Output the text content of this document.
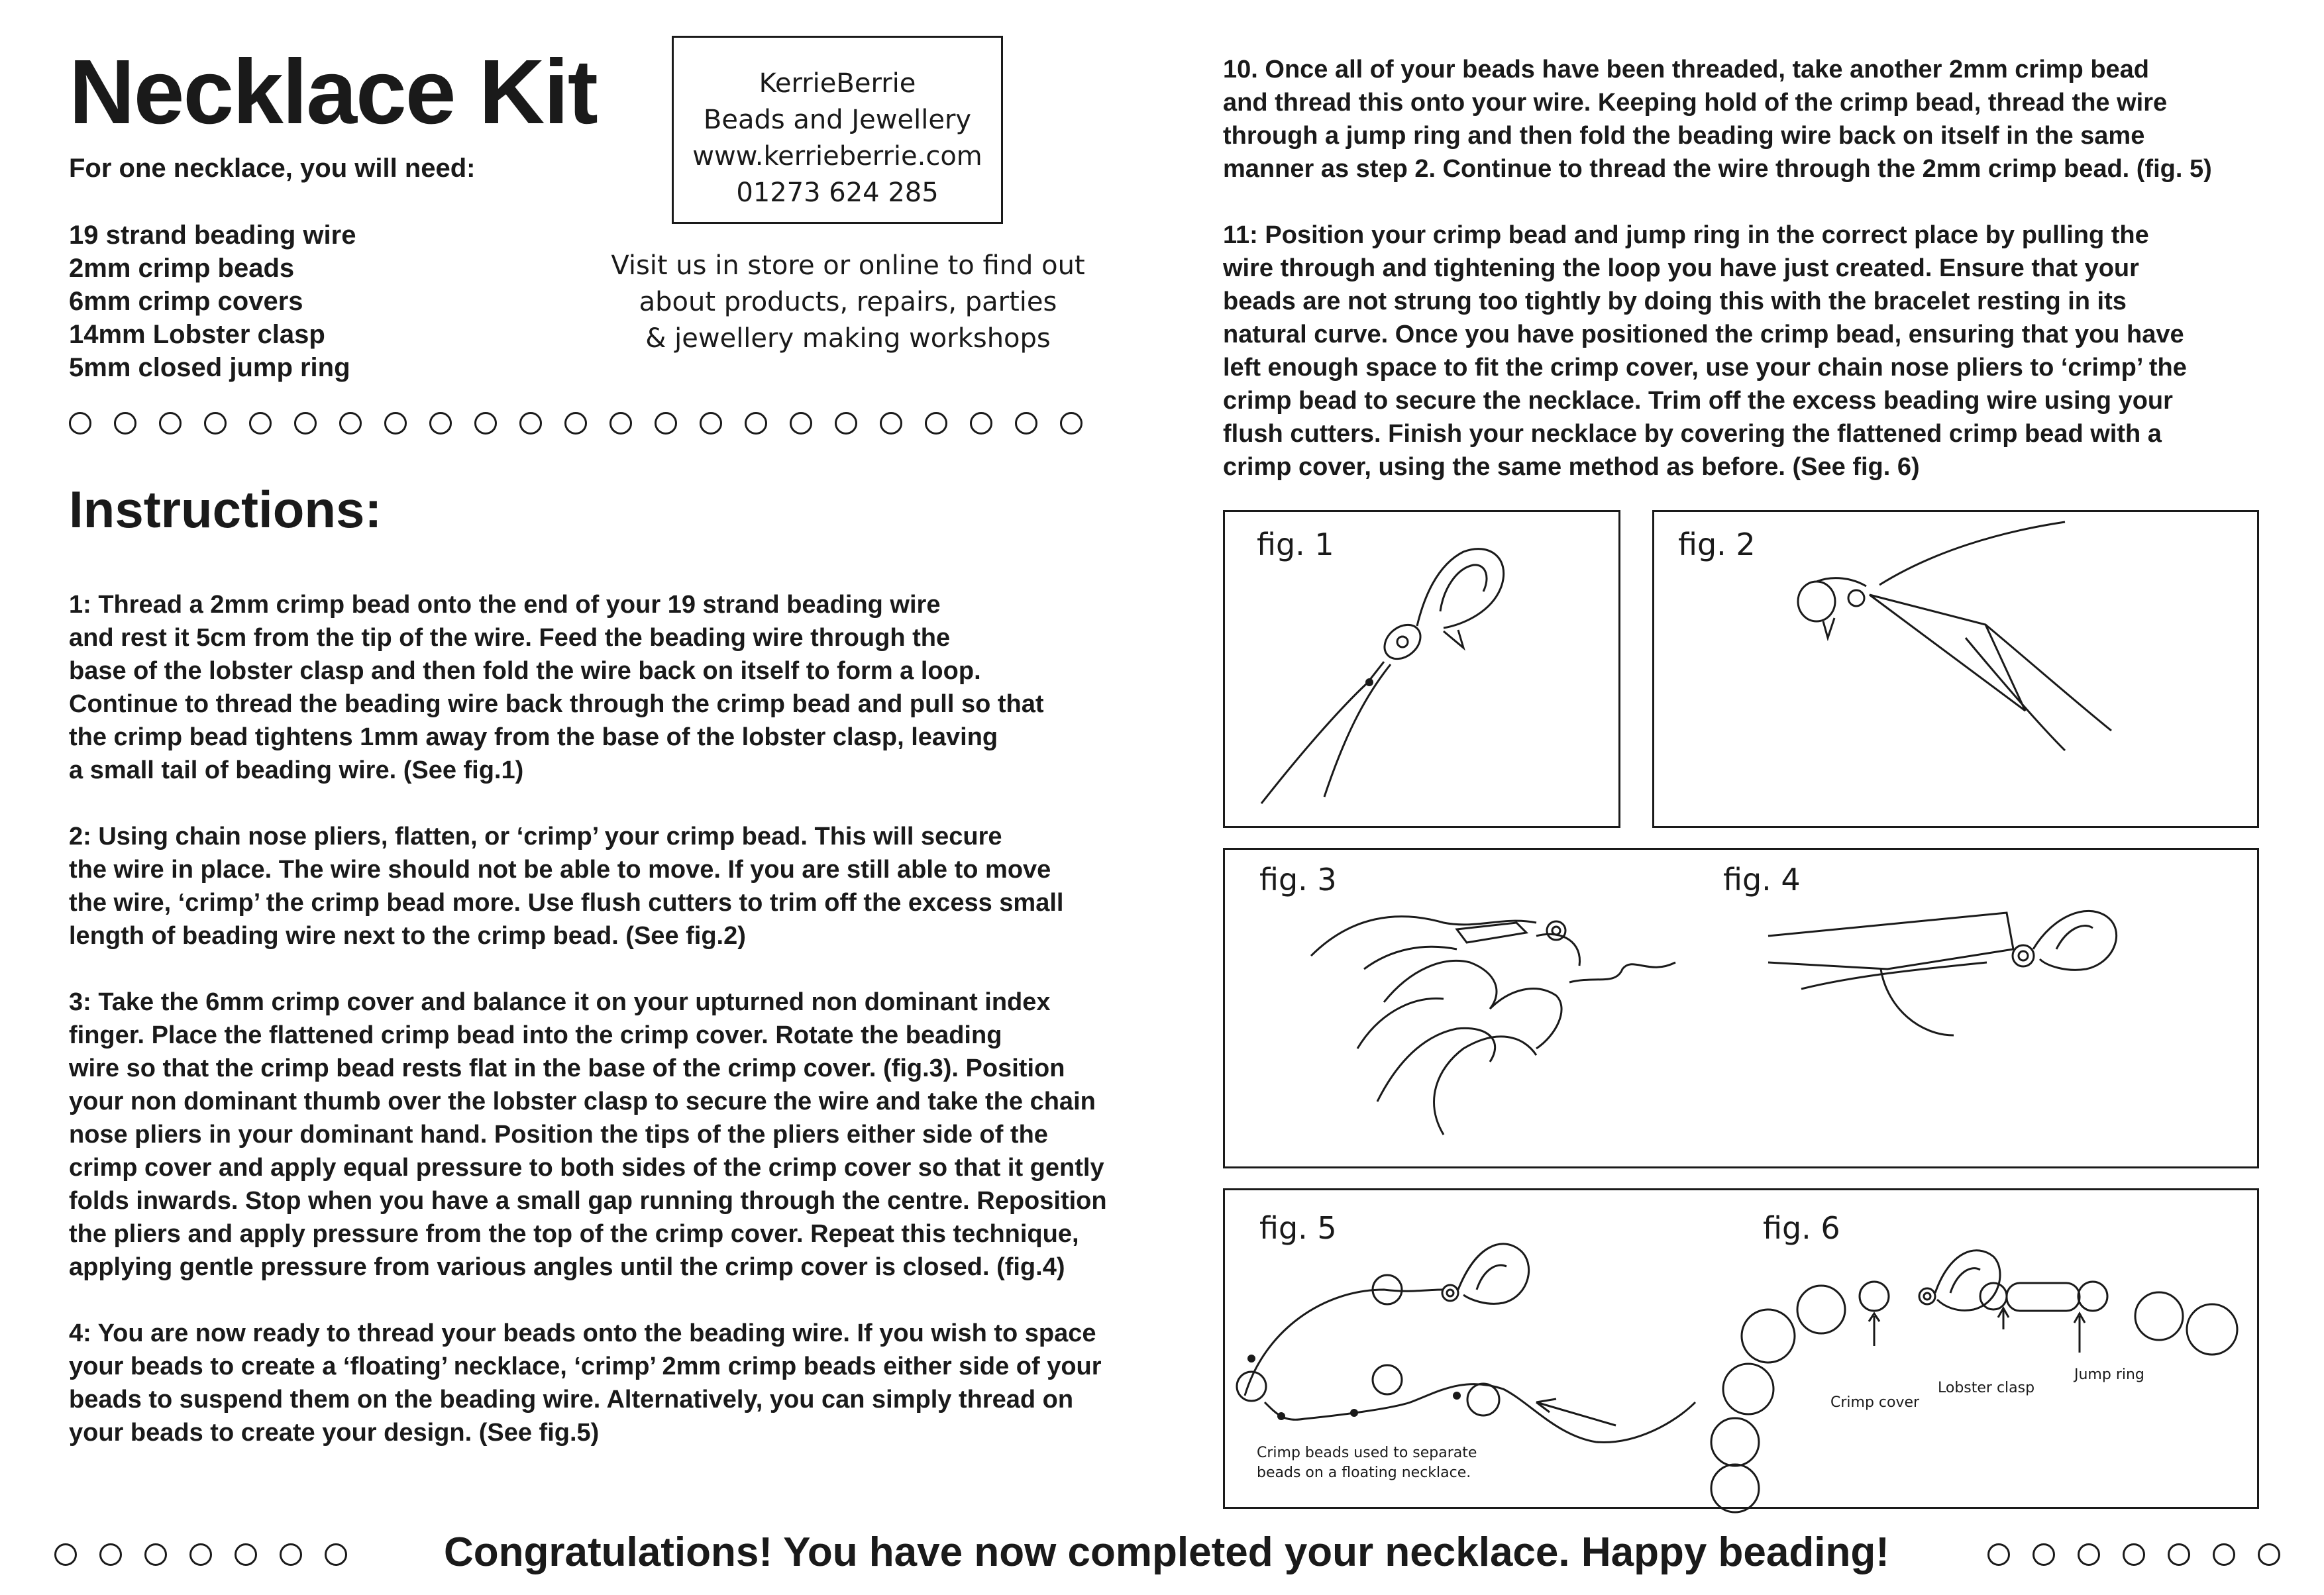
Necklace Kit
For one necklace, you will need:
19 strand beading wire
2mm crimp beads
6mm crimp covers
14mm Lobster clasp
5mm closed jump ring
KerrieBerrie
Beads and Jewellery
www.kerrieberrie.com
01273 624 285
Visit us in store or online to find out
about products, repairs, parties
& jewellery making workshops
Instructions:
1: Thread a 2mm crimp bead onto the end of your 19 strand beading wire
and rest it 5cm from the tip of the wire. Feed the beading wire through the
base of the lobster clasp and then fold the wire back on itself to form a loop.
Continue to thread the beading wire back through the crimp bead and pull so that
the crimp bead tightens 1mm away from the base of the lobster clasp, leaving
a small tail of beading wire. (See fig.1)
2: Using chain nose pliers, flatten, or ‘crimp’ your crimp bead. This will secure
the wire in place. The wire should not be able to move. If you are still able to move
the wire, ‘crimp’ the crimp bead more. Use flush cutters to trim off the excess small
length of beading wire next to the crimp bead. (See fig.2)
3: Take the 6mm crimp cover and balance it on your upturned non dominant index
finger. Place the flattened crimp bead into the crimp cover. Rotate the beading
wire so that the crimp bead rests flat in the base of the crimp cover. (fig.3). Position
your non dominant thumb over the lobster clasp to secure the wire and take the chain
nose pliers in your dominant hand. Position the tips of the pliers either side of the
crimp cover and apply equal pressure to both sides of the crimp cover so that it gently
folds inwards. Stop when you have a small gap running through the centre. Reposition
the pliers and apply pressure from the top of the crimp cover. Repeat this technique,
applying gentle pressure from various angles until the crimp cover is closed. (fig.4)
4: You are now ready to thread your beads onto the beading wire. If you wish to space
your beads to create a ‘floating’ necklace, ‘crimp’ 2mm crimp beads either side of your
beads to suspend them on the beading wire. Alternatively, you can simply thread on
your beads to create your design. (See fig.5)
10. Once all of your beads have been threaded, take another 2mm crimp bead
and thread this onto your wire. Keeping hold of the crimp bead, thread the wire
through a jump ring and then fold the beading wire back on itself in the same
manner as step 2. Continue to thread the wire through the 2mm crimp bead. (fig. 5)
11: Position your crimp bead and jump ring in the correct place by pulling the
wire through and tightening the loop you have just created. Ensure that your
beads are not strung too tightly by doing this with the bracelet resting in its
natural curve. Once you have positioned the crimp bead, ensuring that you have
left enough space to fit the crimp cover, use your chain nose pliers to ‘crimp’ the
crimp bead to secure the necklace. Trim off the excess beading wire using your
flush cutters. Finish your necklace by covering the flattened crimp bead with a
crimp cover, using the same method as before. (See fig. 6)
fig. 1	fig. 2
fig. 3	fig. 4
fig. 5	fig. 6
Crimp beads used to separate
beads on a floating necklace.
Crimp cover
Lobster clasp
Jump ring
Congratulations! You have now completed your necklace. Happy beading!
